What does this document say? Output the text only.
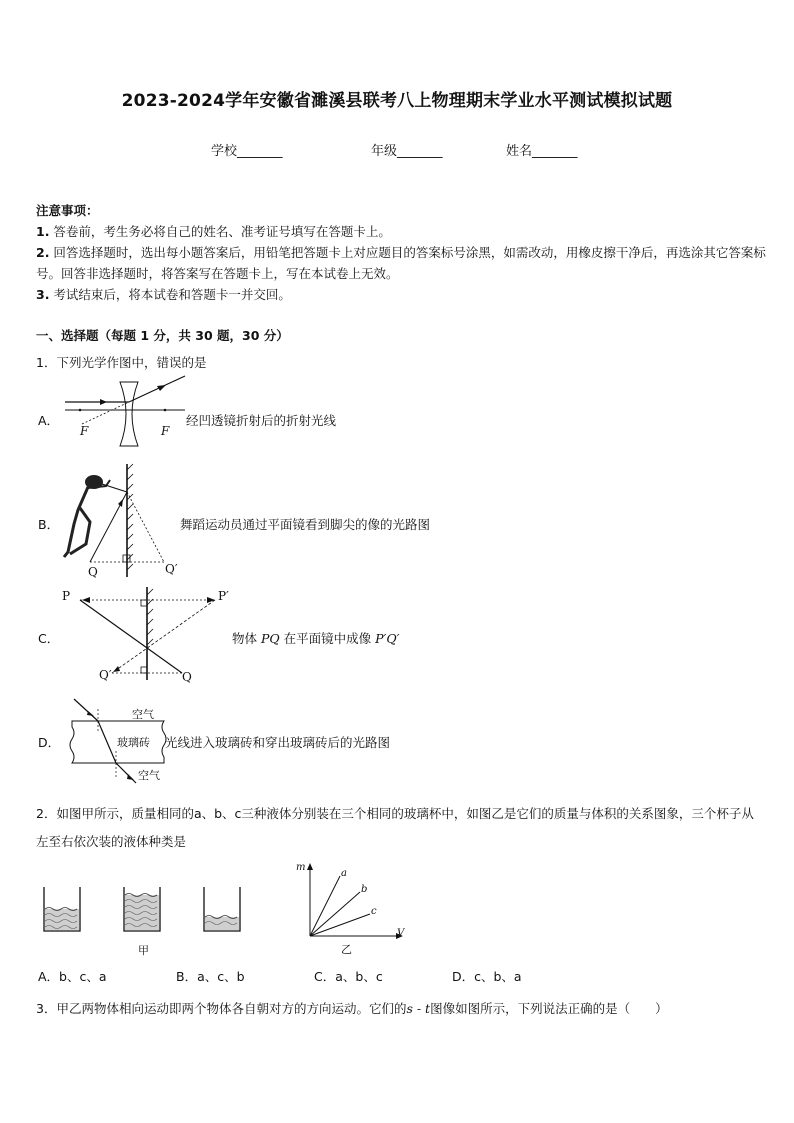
2023-2024学年安徽省濉溪县联考八上物理期末学业水平测试模拟试题
学校_______	年级_______	姓名_______
注意事项：
1. 答卷前，考生务必将自己的姓名、准考证号填写在答题卡上。
2. 回答选择题时，选出每小题答案后，用铅笔把答题卡上对应题目的答案标号涂黑，如需改动，用橡皮擦干净后，再选涂其它答案标号。回答非选择题时，将答案写在答题卡上，写在本试卷上无效。
3. 考试结束后，将本试卷和答题卡一并交回。
一、选择题（每题 1 分，共 30 题，30 分）
1．下列光学作图中，错误的是
A．
F	F
经凹透镜折射后的折射光线
B．
Q	Q′
舞蹈运动员通过平面镜看到脚尖的像的光路图
C．
P	P′
Q′	Q
物体 PQ 在平面镜中成像 P′Q′
D．
空气
玻璃砖
空气
光线进入玻璃砖和穿出玻璃砖后的光路图
2．如图甲所示，质量相同的a、b、c三种液体分别装在三个相同的玻璃杯中，如图乙是它们的质量与体积的关系图象，三个杯子从左至右依次装的液体种类是
甲
m
V
a
b
c
乙
A．b、c、a	B．a、c、b	C．a、b、c	D．c、b、a
3．甲乙两物体相向运动即两个物体各自朝对方的方向运动。它们的s - t图像如图所示，下列说法正确的是（　　）
